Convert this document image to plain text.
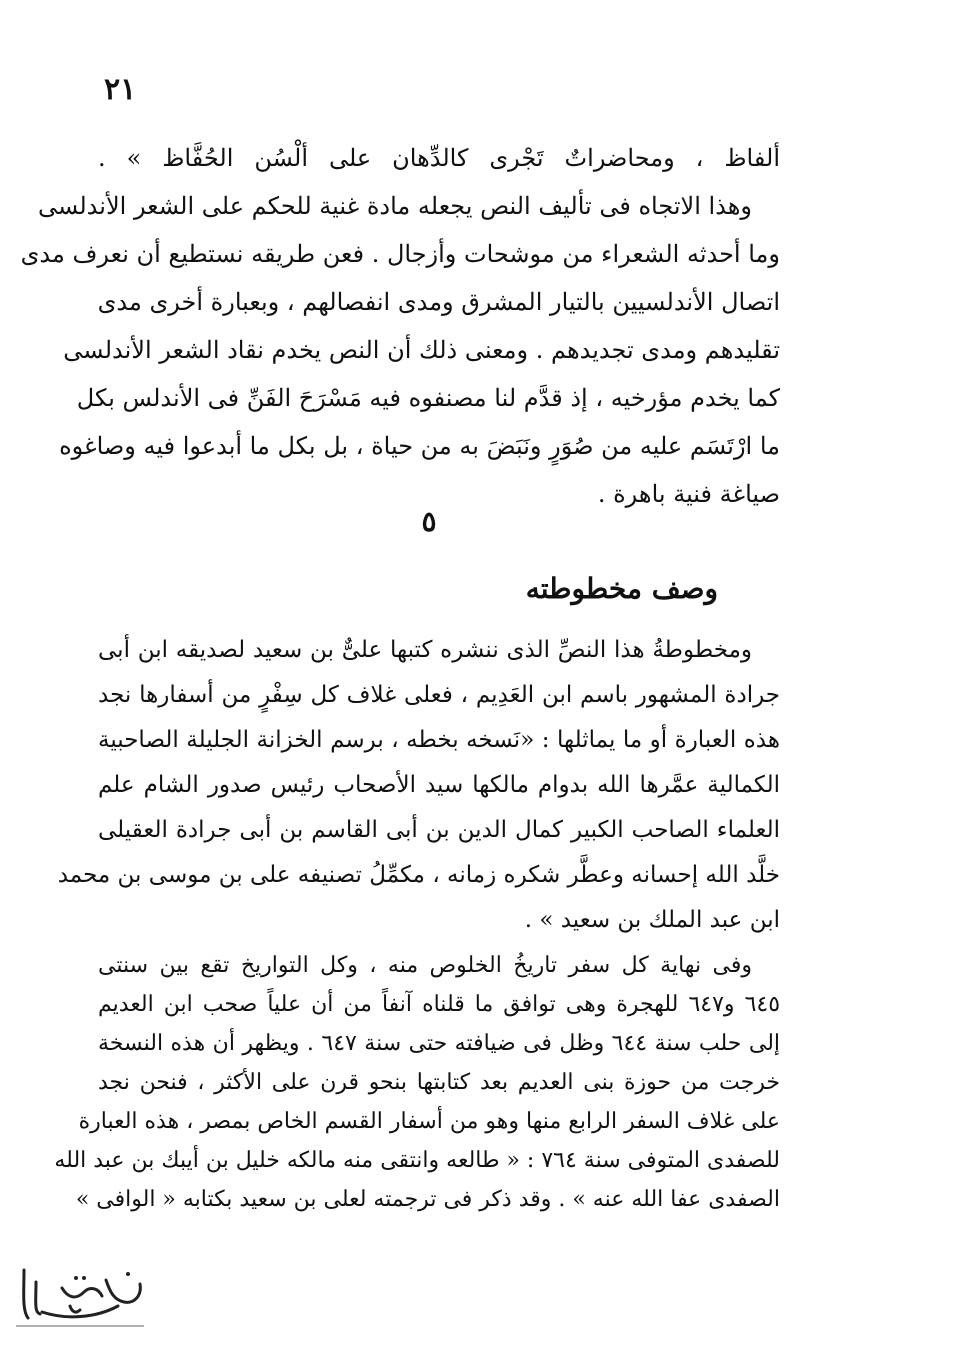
٢١
ألفاظ ، ومحاضراتٌ تَجْرى كالدِّهان على ألْسُن الحُفَّاظ » .
وهذا الاتجاه فى تأليف النص يجعله مادة غنية للحكم على الشعر الأندلسى
وما أحدثه الشعراء من موشحات وأزجال . فعن طريقه نستطيع أن نعرف مدى
اتصال الأندلسيين بالتيار المشرق ومدى انفصالهم ، وبعبارة أخرى مدى
تقليدهم ومدى تجديدهم . ومعنى ذلك أن النص يخدم نقاد الشعر الأندلسى
كما يخدم مؤرخيه ، إذ قدَّم لنا مصنفوه فيه مَسْرَحَ الفَنِّ فى الأندلس بكل
ما ارْتَسَم عليه من صُوَرٍ ونَبَضَ به من حياة ، بل بكل ما أبدعوا فيه وصاغوه
صياغة فنية باهرة .
٥
وصف مخطوطته
ومخطوطةُ هذا النصِّ الذى ننشره كتبها علىٌّ بن سعيد لصديقه ابن أبى
جرادة المشهور باسم ابن العَدِيم ، فعلى غلاف كل سِفْرٍ من أسفارها نجد
هذه العبارة أو ما يماثلها : «نَسخه بخطه ، برسم الخزانة الجليلة الصاحبية
الكمالية عمَّرها الله بدوام مالكها سيد الأصحاب رئيس صدور الشام علم
العلماء الصاحب الكبير كمال الدين بن أبى القاسم بن أبى جرادة العقيلى
خلَّد الله إحسانه وعطَّر شكره زمانه ، مكمِّلُ تصنيفه على بن موسى بن محمد
ابن عبد الملك بن سعيد » .
وفى نهاية كل سفر تاريخُ الخلوص منه ، وكل التواريخ تقع بين سنتى
٦٤٥ و٦٤٧ للهجرة وهى توافق ما قلناه آنفاً من أن علياً صحب ابن العديم
إلى حلب سنة ٦٤٤ وظل فى ضيافته حتى سنة ٦٤٧ . ويظهر أن هذه النسخة
خرجت من حوزة بنى العديم بعد كتابتها بنحو قرن على الأكثر ، فنحن نجد
على غلاف السفر الرابع منها وهو من أسفار القسم الخاص بمصر ، هذه العبارة
للصفدى المتوفى سنة ٧٦٤ : « طالعه وانتقى منه مالكه خليل بن أيبك بن عبد الله
الصفدى عفا الله عنه » . وقد ذكر فى ترجمته لعلى بن سعيد بكتابه « الوافى »
